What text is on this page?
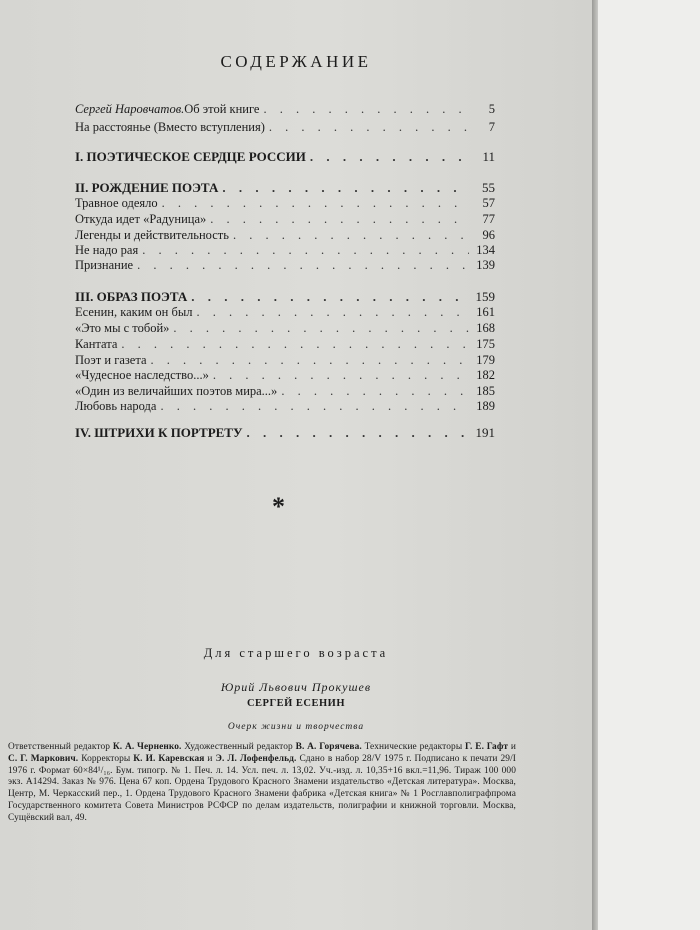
СОДЕРЖАНИЕ
Сергей Наровчатов. Об этой книге . . .	5
На расстоянье (Вместо вступления) . . .	7
I. ПОЭТИЧЕСКОЕ СЕРДЦЕ РОССИИ . . .	11
II. РОЖДЕНИЕ ПОЭТА . . .	55
Травное одеяло . . .	57
Откуда идет «Радуница» . . .	77
Легенды и действительность . . .	96
Не надо рая . . .	134
Признание . . .	139
III. ОБРАЗ ПОЭТА . . .	159
Есенин, каким он был . . .	161
«Это мы с тобой» . . .	168
Кантата . . .	175
Поэт и газета . . .	179
«Чудесное наследство...» . . .	182
«Один из величайших поэтов мира...» . . .	185
Любовь народа . . .	189
IV. ШТРИХИ К ПОРТРЕТУ . . .	191
*
Для старшего возраста
Юрий Львович Прокушев
СЕРГЕЙ ЕСЕНИН
Очерк жизни и творчества
Ответственный редактор К. А. Черненко. Художественный редактор В. А. Горячева. Технические редакторы Г. Е. Гафт и С. Г. Маркович. Корректоры К. И. Каревская и Э. Л. Лофенфельд. Сдано в набор 28/V 1975 г. Подписано к печати 29/I 1976 г. Формат 60×84¹/₁₆. Бум. типогр. № 1. Печ. л. 14. Усл. печ. л. 13,02. Уч.-изд. л. 10,35+16 вкл.=11,96. Тираж 100 000 экз. А14294. Заказ № 976. Цена 67 коп. Ордена Трудового Красного Знамени издательство «Детская литература». Москва, Центр, М. Черкасский пер., 1. Ордена Трудового Красного Знамени фабрика «Детская книга» № 1 Росглавполиграфпрома Государственного комитета Совета Министров РСФСР по делам издательств, полиграфии и книжной торговли. Москва, Сущёвский вал, 49.
